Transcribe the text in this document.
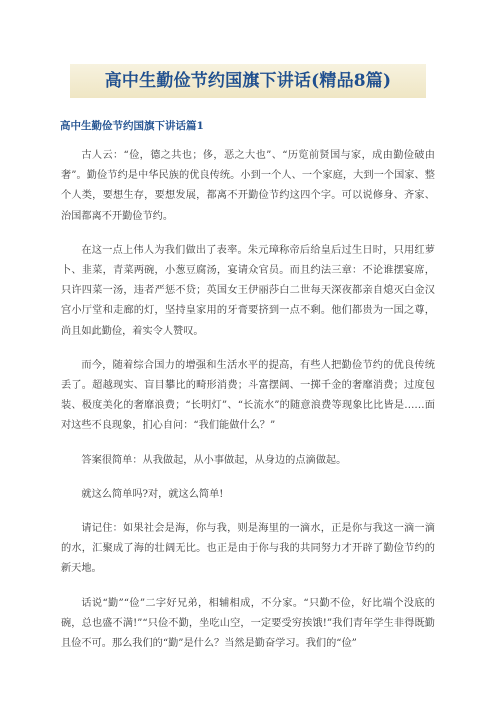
高中生勤俭节约国旗下讲话(精品8篇)
高中生勤俭节约国旗下讲话篇1

古人云：“俭，德之共也；侈，恶之大也”、“历览前贤国与家，成由勤俭破由奢”。勤俭节约是中华民族的优良传统。小到一个人、一个家庭，大到一个国家、整个人类，要想生存，要想发展，都离不开勤俭节约这四个字。可以说修身、齐家、治国都离不开勤俭节约。

在这一点上伟人为我们做出了表率。朱元璋称帝后给皇后过生日时，只用红萝卜、韭菜，青菜两碗，小葱豆腐汤，宴请众官员。而且约法三章：不论谁摆宴席，只许四菜一汤，违者严惩不贷；英国女王伊丽莎白二世每天深夜都亲自熄灭白金汉宫小厅堂和走廊的灯，坚持皇家用的牙膏要挤到一点不剩。他们都贵为一国之尊，尚且如此勤俭，着实令人赞叹。

而今，随着综合国力的增强和生活水平的提高，有些人把勤俭节约的优良传统丢了。超越现实、盲目攀比的畸形消费；斗富摆阔、一掷千金的奢靡消费；过度包装、极度美化的奢靡浪费；“长明灯”、“长流水”的随意浪费等现象比比皆是……面对这些不良现象，扪心自问：“我们能做什么？”

答案很简单：从我做起，从小事做起，从身边的点滴做起。

就这么简单吗?对，就这么简单!

请记住：如果社会是海，你与我，则是海里的一滴水，正是你与我这一滴一滴的水，汇聚成了海的壮阔无比。也正是由于你与我的共同努力才开辟了勤俭节约的新天地。

话说“勤”“俭”二字好兄弟，相辅相成，不分家。“只勤不俭，好比端个没底的碗，总也盛不满!”“只俭不勤，坐吃山空，一定要受穷挨饿!”我们青年学生非得既勤且俭不可。那么我们的“勤”是什么？当然是勤奋学习。我们的“俭”
